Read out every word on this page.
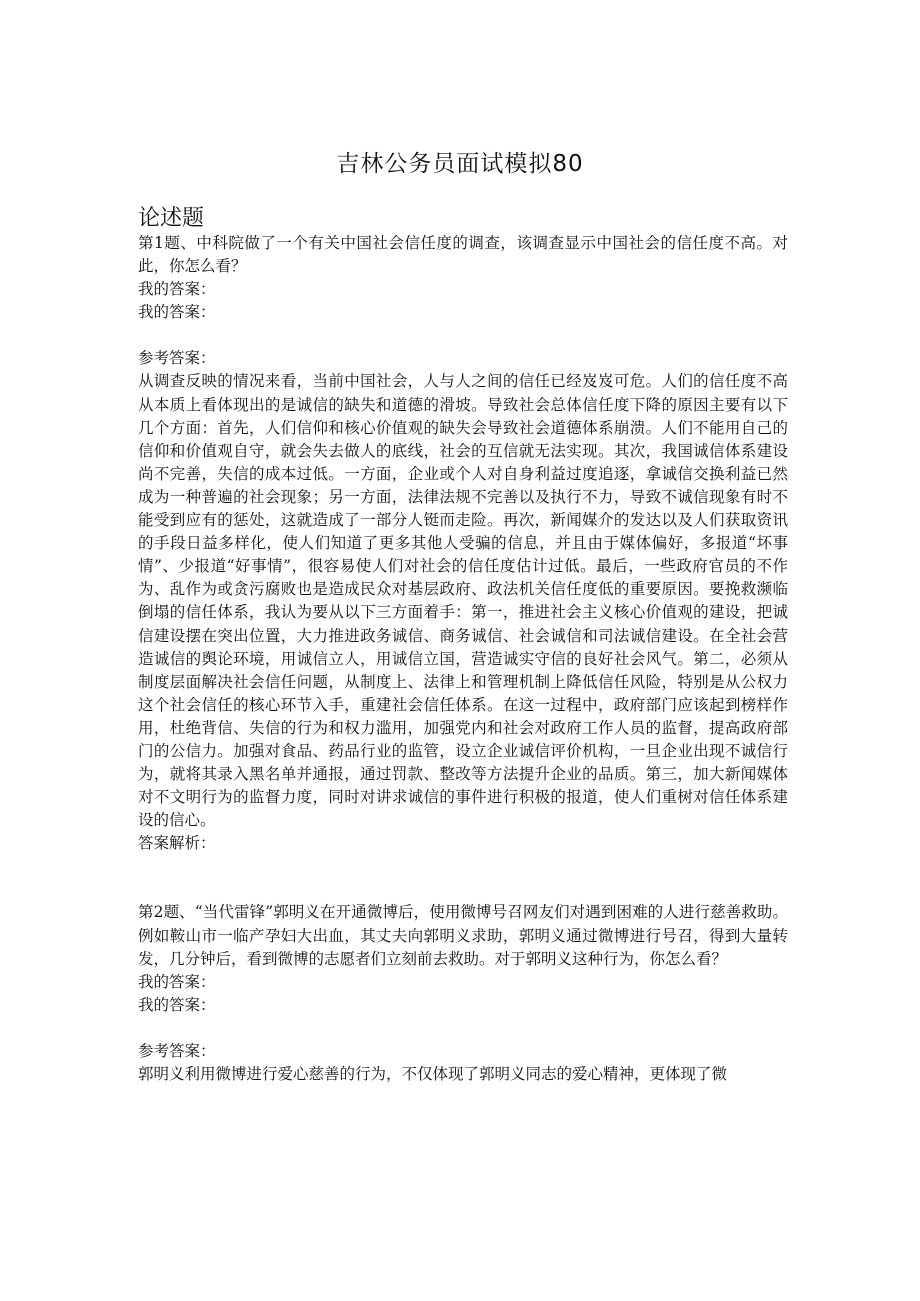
吉林公务员面试模拟80
论述题

第1题、中科院做了一个有关中国社会信任度的调查，该调查显示中国社会的信任度不高。对此，你怎么看？

我的答案：

我的答案：

参考答案：

从调查反映的情况来看，当前中国社会，人与人之间的信任已经岌岌可危。人们的信任度不高从本质上看体现出的是诚信的缺失和道德的滑坡。导致社会总体信任度下降的原因主要有以下几个方面：首先，人们信仰和核心价值观的缺失会导致社会道德体系崩溃。人们不能用自己的信仰和价值观自守，就会失去做人的底线，社会的互信就无法实现。其次，我国诚信体系建设尚不完善，失信的成本过低。一方面，企业或个人对自身利益过度追逐，拿诚信交换利益已然成为一种普遍的社会现象；另一方面，法律法规不完善以及执行不力，导致不诚信现象有时不能受到应有的惩处，这就造成了一部分人铤而走险。再次，新闻媒介的发达以及人们获取资讯的手段日益多样化，使人们知道了更多其他人受骗的信息，并且由于媒体偏好，多报道“坏事情”、少报道“好事情”，很容易使人们对社会的信任度估计过低。最后，一些政府官员的不作为、乱作为或贪污腐败也是造成民众对基层政府、政法机关信任度低的重要原因。要挽救濒临倒塌的信任体系，我认为要从以下三方面着手：第一，推进社会主义核心价值观的建设，把诚信建设摆在突出位置，大力推进政务诚信、商务诚信、社会诚信和司法诚信建设。在全社会营造诚信的舆论环境，用诚信立人，用诚信立国，营造诚实守信的良好社会风气。第二，必须从制度层面解决社会信任问题，从制度上、法律上和管理机制上降低信任风险，特别是从公权力这个社会信任的核心环节入手，重建社会信任体系。在这一过程中，政府部门应该起到榜样作用，杜绝背信、失信的行为和权力滥用，加强党内和社会对政府工作人员的监督，提高政府部门的公信力。加强对食品、药品行业的监管，设立企业诚信评价机构，一旦企业出现不诚信行为，就将其录入黑名单并通报，通过罚款、整改等方法提升企业的品质。第三，加大新闻媒体对不文明行为的监督力度，同时对讲求诚信的事件进行积极的报道，使人们重树对信任体系建设的信心。

答案解析：

第2题、“当代雷锋”郭明义在开通微博后，使用微博号召网友们对遇到困难的人进行慈善救助。例如鞍山市一临产孕妇大出血，其丈夫向郭明义求助，郭明义通过微博进行号召，得到大量转发，几分钟后，看到微博的志愿者们立刻前去救助。对于郭明义这种行为，你怎么看？

我的答案：

我的答案：

参考答案：

郭明义利用微博进行爱心慈善的行为，不仅体现了郭明义同志的爱心精神，更体现了微
